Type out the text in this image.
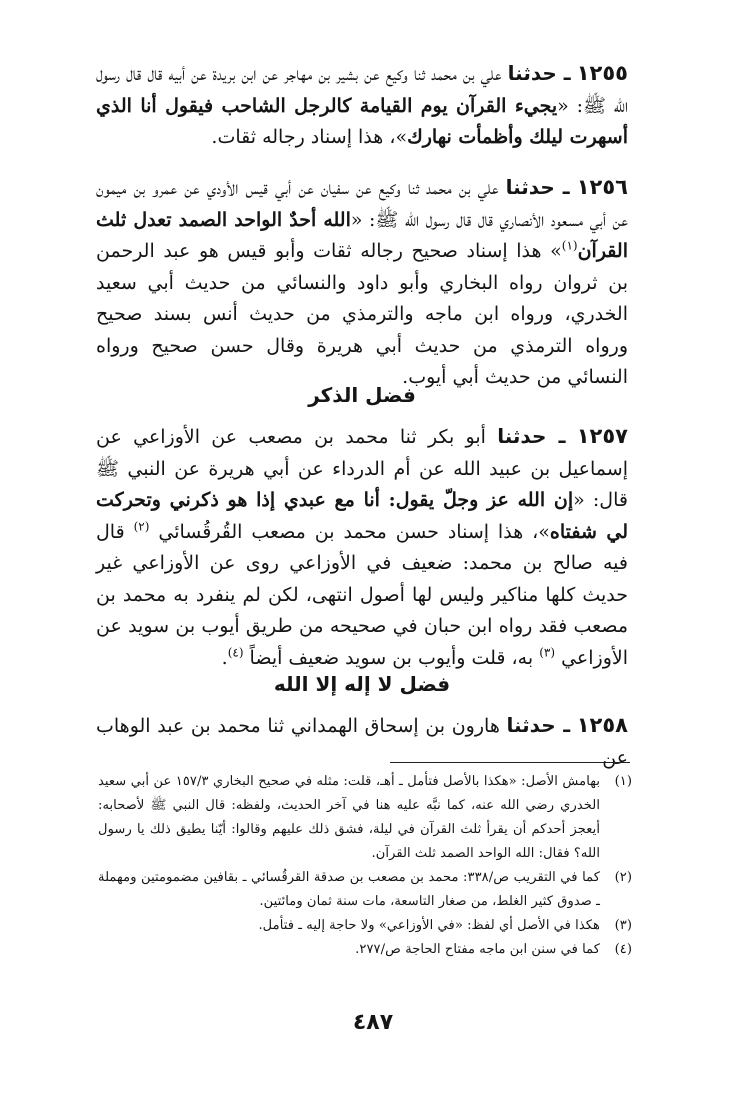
١٢٥٥ ـ حدثنا علي بن محمد ثنا وكيع عن بشير بن مهاجر عن ابن بريدة عن أبيه قال قال رسول الله ﷺ: «يجيء القرآن يوم القيامة كالرجل الشاحب فيقول أنا الذي أسهرت ليلك وأظمأت نهارك»، هذا إسناد رجاله ثقات.
١٢٥٦ ـ حدثنا علي بن محمد ثنا وكيع عن سفيان عن أبي قيس الأودي عن عمرو بن ميمون عن أبي مسعود الأنصاري قال قال رسول الله ﷺ: «الله أحدٌ الواحد الصمد تعدل ثلث القرآن$^{(١)}$» هذا إسناد صحيح رجاله ثقات وأبو قيس هو عبد الرحمن بن ثروان رواه البخاري وأبو داود والنسائي من حديث أبي سعيد الخدري، ورواه ابن ماجه والترمذي من حديث أنس بسند صحيح ورواه الترمذي من حديث أبي هريرة وقال حسن صحيح ورواه النسائي من حديث أبي أيوب.
فضل الذكر
١٢٥٧ ـ حدثنا أبو بكر ثنا محمد بن مصعب عن الأوزاعي عن إسماعيل بن عبيد الله عن أم الدرداء عن أبي هريرة عن النبي ﷺ قال: «إن الله عز وجلّ يقول: أنا مع عبدي إذا هو ذكرني وتحركت لي شفتاه»، هذا إسناد حسن محمد بن مصعب القُرقُسائي $^{(٢)}$ قال فيه صالح بن محمد: ضعيف في الأوزاعي روى عن الأوزاعي غير حديث كلها مناكير وليس لها أصول انتهى، لكن لم ينفرد به محمد بن مصعب فقد رواه ابن حبان في صحيحه من طريق أيوب بن سويد عن الأوزاعي $^{(٣)}$ به، قلت وأيوب بن سويد ضعيف أيضاً $^{(٤)}$.
فضل لا إله إلا الله
١٢٥٨ ـ حدثنا هارون بن إسحاق الهمداني ثنا محمد بن عبد الوهاب عن

(١)
بهامش الأصل: «هكذا بالأصل فتأمل ـ أهـ، قلت: مثله في صحيح البخاري ١٥٧/٣ عن أبي سعيد الخدري رضي الله عنه، كما نبَّه عليه هنا في آخر الحديث، ولفظه: قال النبي ﷺ لأصحابه: أيعجز أحدكم أن يقرأ ثلث القرآن في ليلة، فشق ذلك عليهم وقالوا: أيّنا يطيق ذلك يا رسول الله؟ فقال: الله الواحد الصمد ثلث القرآن.

(٢)
كما في التقريب ص/٣٣٨: محمد بن مصعب بن صدقة القرقُسائي ـ بقافين مضمومتين ومهملة ـ صدوق كثير الغلط، من صغار التاسعة، مات سنة ثمان ومائتين.

(٣)
هكذا في الأصل أي لفظ: «في الأوزاعي» ولا حاجة إليه ـ فتأمل.

(٤)
كما في سنن ابن ماجه مفتاح الحاجة ص/٢٧٧.

٤٨٧
